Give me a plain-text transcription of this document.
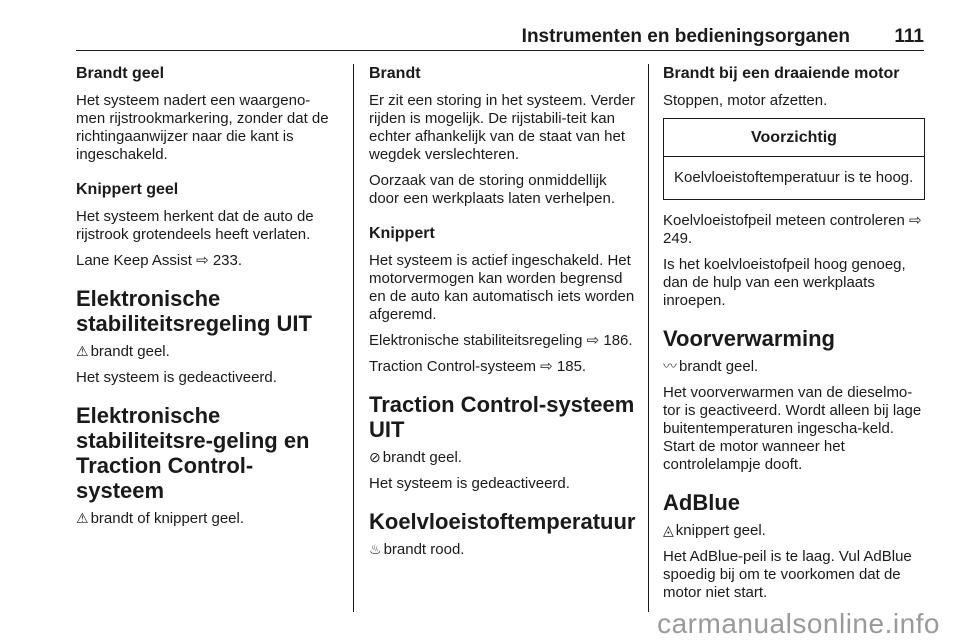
Instrumenten en bedieningsorganen 111
Brandt geel

Het systeem nadert een waargeno-men rijstrookmarkering, zonder dat de richtingaanwijzer naar die kant is ingeschakeld.

Knippert geel

Het systeem herkent dat de auto de rijstrook grotendeels heeft verlaten.

Lane Keep Assist ⇨ 233.

Elektronische stabiliteitsregeling UIT

⚠ brandt geel.

Het systeem is gedeactiveerd.

Elektronische stabiliteitsre-geling en Traction Control-systeem

⚠ brandt of knippert geel.

Brandt

Er zit een storing in het systeem. Verder rijden is mogelijk. De rijstabili-teit kan echter afhankelijk van de staat van het wegdek verslechteren.

Oorzaak van de storing onmiddellijk door een werkplaats laten verhelpen.

Knippert

Het systeem is actief ingeschakeld. Het motorvermogen kan worden begrensd en de auto kan automatisch iets worden afgeremd.

Elektronische stabiliteitsregeling ⇨ 186.

Traction Control-systeem ⇨ 185.

Traction Control-systeem UIT

⊘ brandt geel.

Het systeem is gedeactiveerd.

Koelvloeistoftemperatuur

♨ brandt rood.

Brandt bij een draaiende motor

Stoppen, motor afzetten.

Voorzichtig

Koelvloeistoftemperatuur is te hoog.

Koelvloeistofpeil meteen controleren ⇨ 249.

Is het koelvloeistofpeil hoog genoeg, dan de hulp van een werkplaats inroepen.

Voorverwarming

〰 brandt geel.

Het voorverwarmen van de dieselmo-tor is geactiveerd. Wordt alleen bij lage buitentemperaturen ingescha-keld. Start de motor wanneer het controlelampje dooft.

AdBlue

◬ knippert geel.

Het AdBlue-peil is te laag. Vul AdBlue spoedig bij om te voorkomen dat de motor niet start.

carmanualsonline.info
